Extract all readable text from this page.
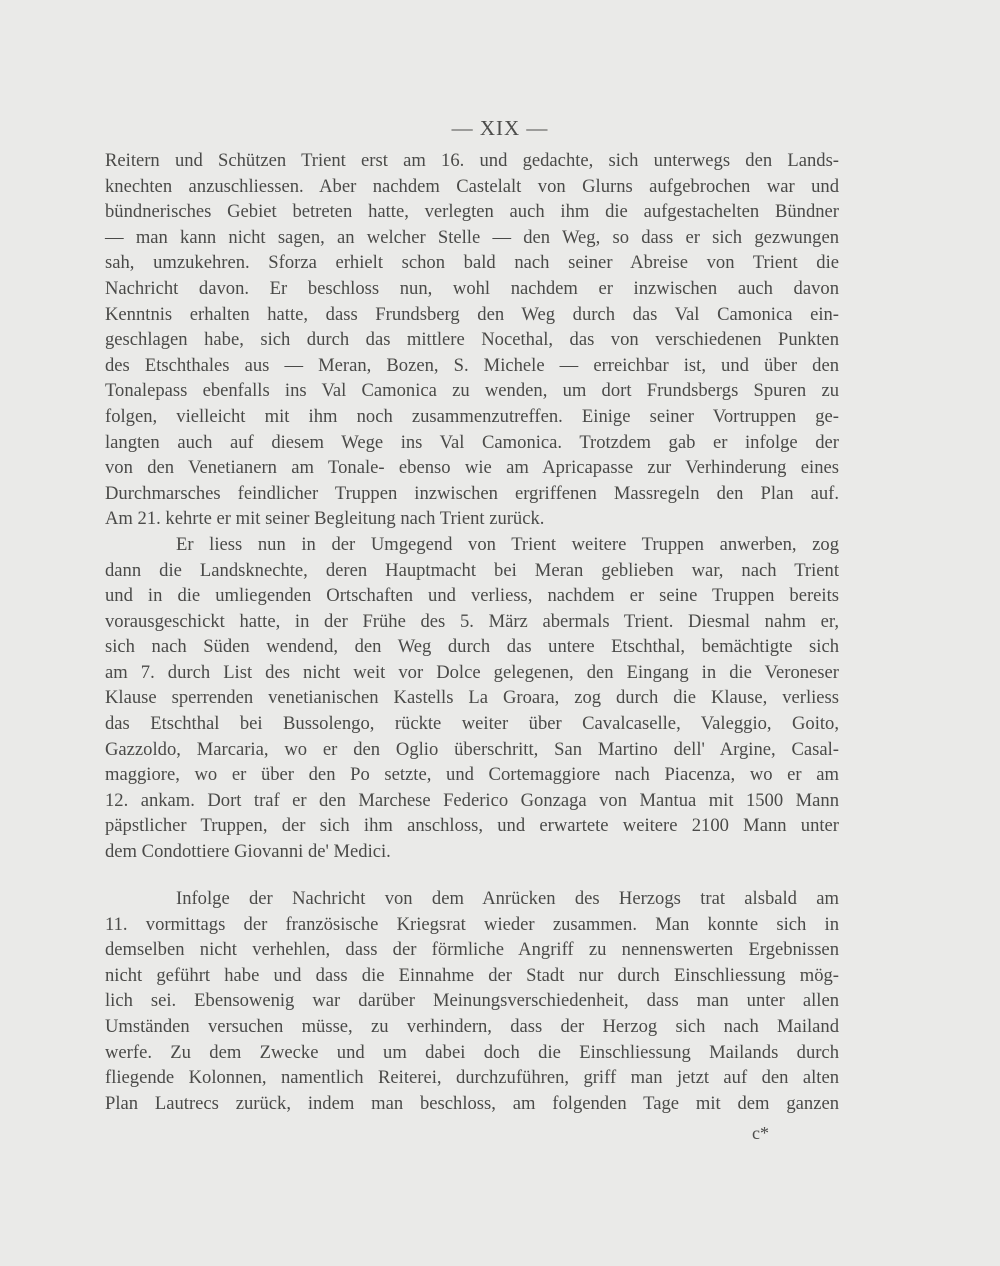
— XIX —
Reitern und Schützen Trient erst am 16. und gedachte, sich unterwegs den Lands-
knechten anzuschliessen. Aber nachdem Castelalt von Glurns aufgebrochen war und
bündnerisches Gebiet betreten hatte, verlegten auch ihm die aufgestachelten Bündner
— man kann nicht sagen, an welcher Stelle — den Weg, so dass er sich gezwungen
sah, umzukehren. Sforza erhielt schon bald nach seiner Abreise von Trient die
Nachricht davon. Er beschloss nun, wohl nachdem er inzwischen auch davon
Kenntnis erhalten hatte, dass Frundsberg den Weg durch das Val Camonica ein-
geschlagen habe, sich durch das mittlere Nocethal, das von verschiedenen Punkten
des Etschthales aus — Meran, Bozen, S. Michele — erreichbar ist, und über den
Tonalepass ebenfalls ins Val Camonica zu wenden, um dort Frundsbergs Spuren zu
folgen, vielleicht mit ihm noch zusammenzutreffen. Einige seiner Vortruppen ge-
langten auch auf diesem Wege ins Val Camonica. Trotzdem gab er infolge der
von den Venetianern am Tonale- ebenso wie am Apricapasse zur Verhinderung eines
Durchmarsches feindlicher Truppen inzwischen ergriffenen Massregeln den Plan auf.
Am 21. kehrte er mit seiner Begleitung nach Trient zurück.
Er liess nun in der Umgegend von Trient weitere Truppen anwerben, zog
dann die Landsknechte, deren Hauptmacht bei Meran geblieben war, nach Trient
und in die umliegenden Ortschaften und verliess, nachdem er seine Truppen bereits
vorausgeschickt hatte, in der Frühe des 5. März abermals Trient. Diesmal nahm er,
sich nach Süden wendend, den Weg durch das untere Etschthal, bemächtigte sich
am 7. durch List des nicht weit vor Dolce gelegenen, den Eingang in die Veroneser
Klause sperrenden venetianischen Kastells La Groara, zog durch die Klause, verliess
das Etschthal bei Bussolengo, rückte weiter über Cavalcaselle, Valeggio, Goito,
Gazzoldo, Marcaria, wo er den Oglio überschritt, San Martino dell' Argine, Casal-
maggiore, wo er über den Po setzte, und Cortemaggiore nach Piacenza, wo er am
12. ankam. Dort traf er den Marchese Federico Gonzaga von Mantua mit 1500 Mann
päpstlicher Truppen, der sich ihm anschloss, und erwartete weitere 2100 Mann unter
dem Condottiere Giovanni de' Medici.
Infolge der Nachricht von dem Anrücken des Herzogs trat alsbald am
11. vormittags der französische Kriegsrat wieder zusammen. Man konnte sich in
demselben nicht verhehlen, dass der förmliche Angriff zu nennenswerten Ergebnissen
nicht geführt habe und dass die Einnahme der Stadt nur durch Einschliessung mög-
lich sei. Ebensowenig war darüber Meinungsverschiedenheit, dass man unter allen
Umständen versuchen müsse, zu verhindern, dass der Herzog sich nach Mailand
werfe. Zu dem Zwecke und um dabei doch die Einschliessung Mailands durch
fliegende Kolonnen, namentlich Reiterei, durchzuführen, griff man jetzt auf den alten
Plan Lautrecs zurück, indem man beschloss, am folgenden Tage mit dem ganzen
c*
